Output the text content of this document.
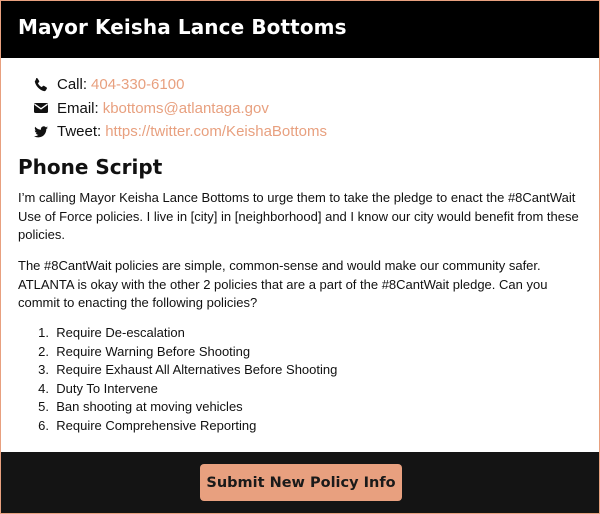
Mayor Keisha Lance Bottoms
Call: 404-330-6100
Email: kbottoms@atlantaga.gov
Tweet: https://twitter.com/KeishaBottoms
Phone Script

I’m calling Mayor Keisha Lance Bottoms to urge them to take the pledge to enact the #8CantWait Use of Force policies. I live in [city] in [neighborhood] and I know our city would benefit from these policies.

The #8CantWait policies are simple, common-sense and would make our community safer. ATLANTA is okay with the other 2 policies that are a part of the #8CantWait pledge. Can you commit to enacting the following policies?

1.
Require De-escalation
2.
Require Warning Before Shooting
3.
Require Exhaust All Alternatives Before Shooting
4.
Duty To Intervene
5.
Ban shooting at moving vehicles
6.
Require Comprehensive Reporting
Submit New Policy Info
